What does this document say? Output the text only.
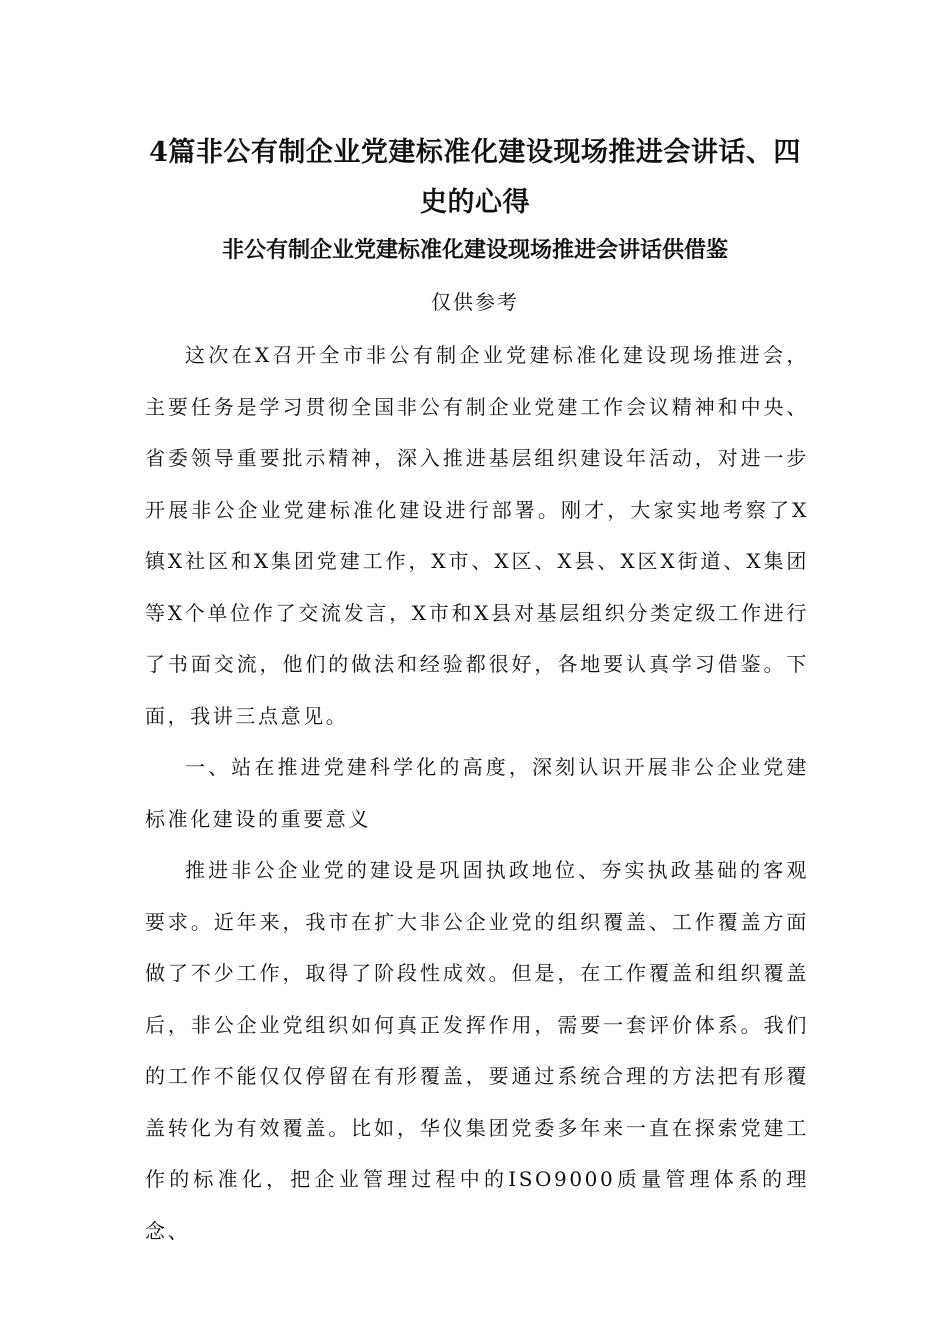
4篇非公有制企业党建标准化建设现场推进会讲话、四史的心得
非公有制企业党建标准化建设现场推进会讲话供借鉴

仅供参考

这次在X召开全市非公有制企业党建标准化建设现场推进会，主要任务是学习贯彻全国非公有制企业党建工作会议精神和中央、省委领导重要批示精神，深入推进基层组织建设年活动，对进一步开展非公企业党建标准化建设进行部署。刚才，大家实地考察了X镇X社区和X集团党建工作，X市、X区、X县、X区X街道、X集团等X个单位作了交流发言，X市和X县对基层组织分类定级工作进行了书面交流，他们的做法和经验都很好，各地要认真学习借鉴。下面，我讲三点意见。

一、站在推进党建科学化的高度，深刻认识开展非公企业党建标准化建设的重要意义

推进非公企业党的建设是巩固执政地位、夯实执政基础的客观要求。近年来，我市在扩大非公企业党的组织覆盖、工作覆盖方面做了不少工作，取得了阶段性成效。但是，在工作覆盖和组织覆盖后，非公企业党组织如何真正发挥作用，需要一套评价体系。我们的工作不能仅仅停留在有形覆盖，要通过系统合理的方法把有形覆盖转化为有效覆盖。比如，华仪集团党委多年来一直在探索党建工作的标准化，把企业管理过程中的ISO9000质量管理体系的理念、
